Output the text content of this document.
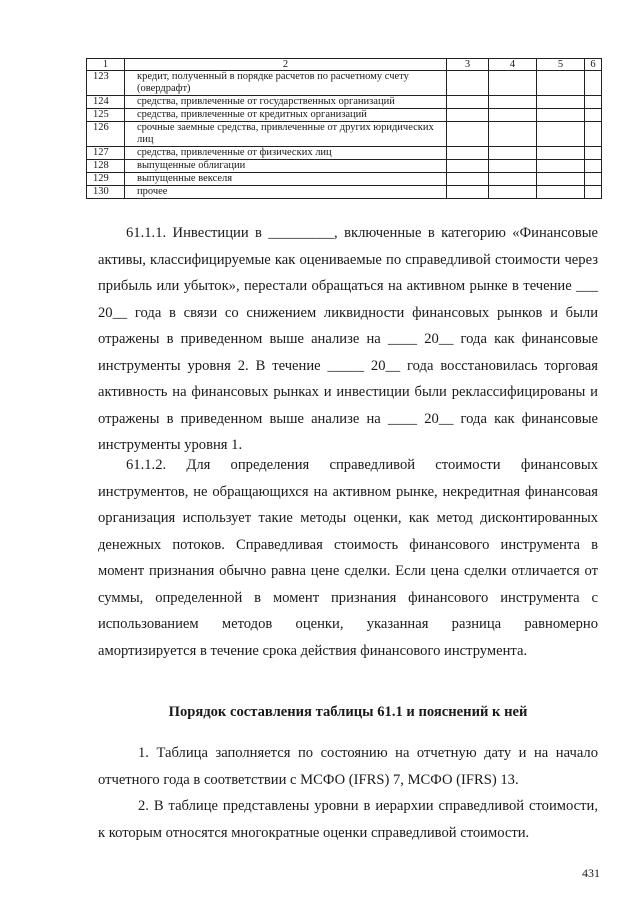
1	2	3	4	5	6
123	кредит, полученный в порядке расчетов по расчетному счету (овердрафт)				
124	средства, привлеченные от государственных организаций				
125	средства, привлеченные от кредитных организаций				
126	срочные заемные средства, привлеченные от других юридических лиц				
127	средства, привлеченные от физических лиц				
128	выпущенные облигации				
129	выпущенные векселя				
130	прочее				

61.1.1. Инвестиции в _________, включенные в категорию «Финансовые активы, классифицируемые как оцениваемые по справедливой стоимости через прибыль или убыток», перестали обращаться на активном рынке в течение ___ 20__ года в связи со снижением ликвидности финансовых рынков и были отражены в приведенном выше анализе на ____ 20__ года как финансовые инструменты уровня 2. В течение _____ 20__ года восстановилась торговая активность на финансовых рынках и инвестиции были реклассифицированы и отражены в приведенном выше анализе на ____ 20__ года как финансовые инструменты уровня 1.

61.1.2. Для определения справедливой стоимости финансовых инструментов, не обращающихся на активном рынке, некредитная финансовая организация использует такие методы оценки, как метод дисконтированных денежных потоков. Справедливая стоимость финансового инструмента в момент признания обычно равна цене сделки. Если цена сделки отличается от суммы, определенной в момент признания финансового инструмента с использованием методов оценки, указанная разница равномерно амортизируется в течение срока действия финансового инструмента.

Порядок составления таблицы 61.1 и пояснений к ней

1. Таблица заполняется по состоянию на отчетную дату и на начало отчетного года в соответствии с МСФО (IFRS) 7, МСФО (IFRS) 13.

2. В таблице представлены уровни в иерархии справедливой стоимости, к которым относятся многократные оценки справедливой стоимости.

431
